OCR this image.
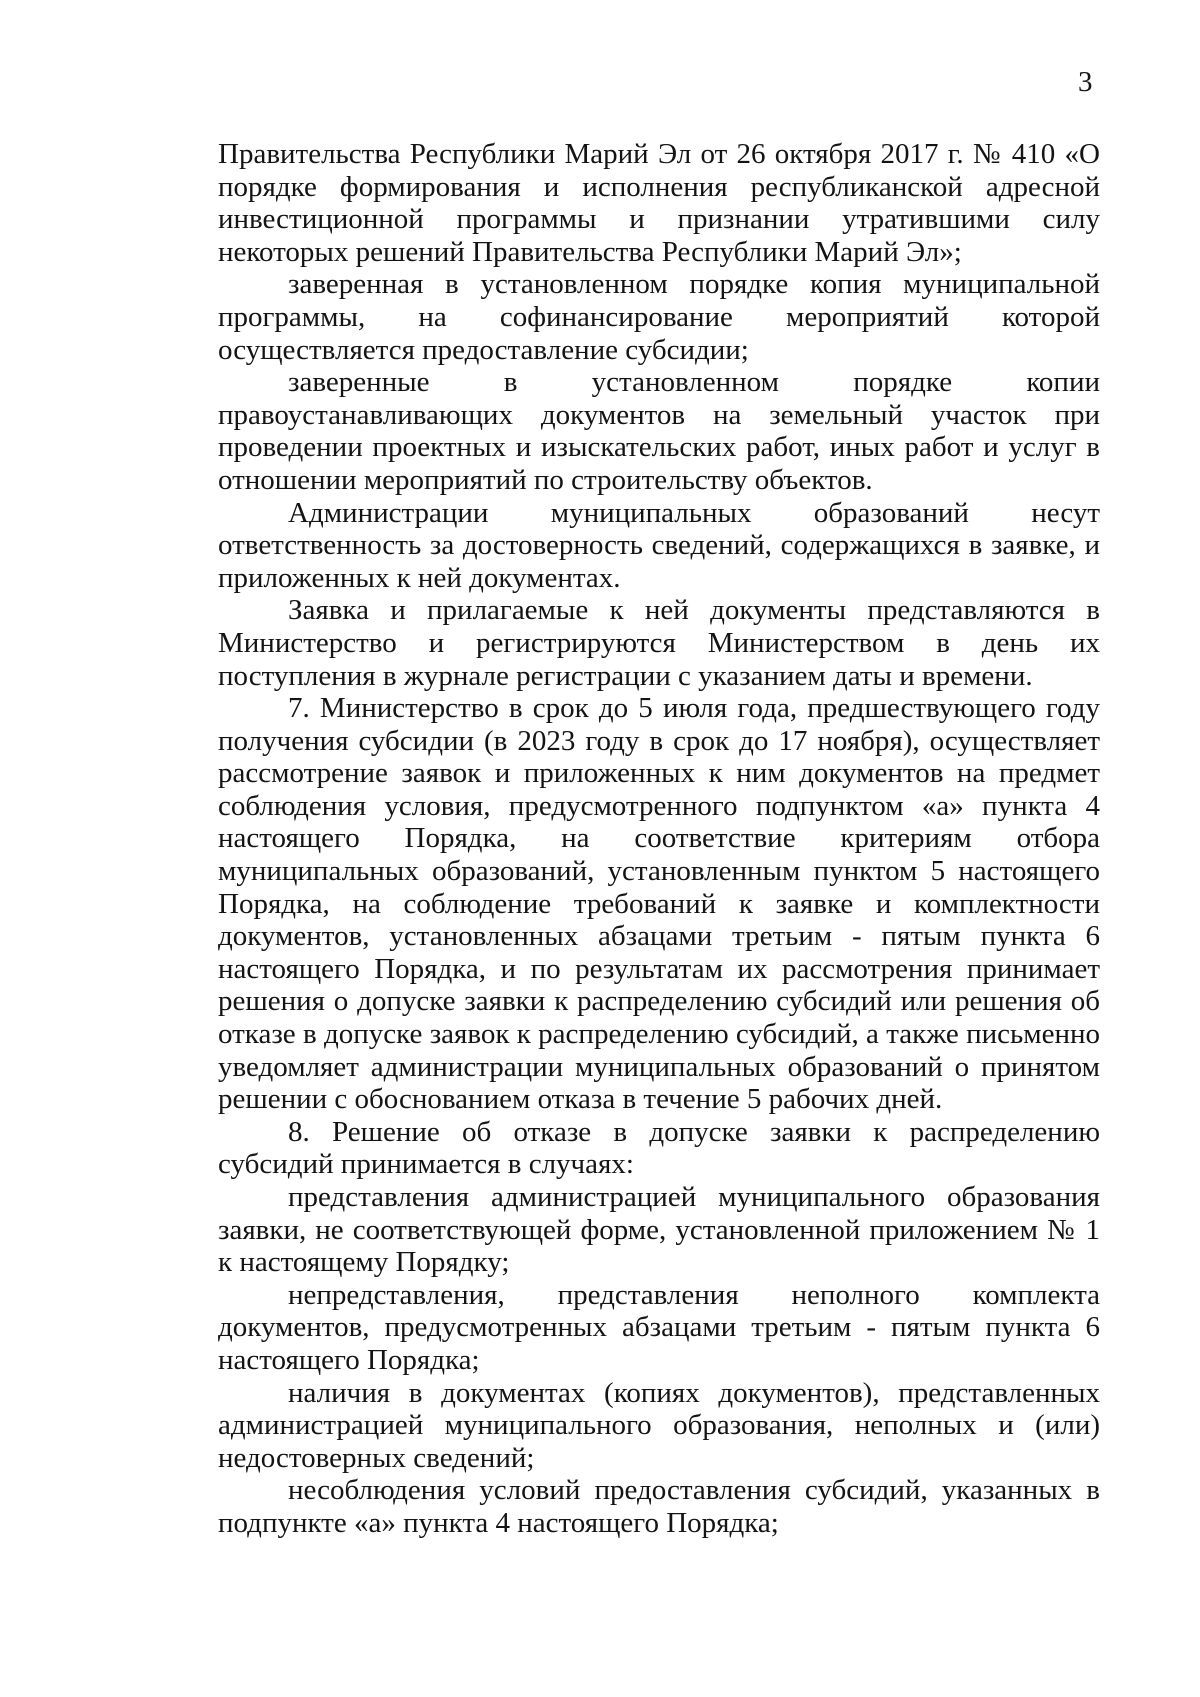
3

Правительства Республики Марий Эл от 26 октября 2017 г. № 410 «О порядке формирования и исполнения республиканской адресной инвестиционной программы и признании утратившими силу некоторых решений Правительства Республики Марий Эл»;

заверенная в установленном порядке копия муниципальной программы, на софинансирование мероприятий которой осуществляется предоставление субсидии;

заверенные в установленном порядке копии правоустанавливающих документов на земельный участок при проведении проектных и изыскательских работ, иных работ и услуг в отношении мероприятий по строительству объектов.

Администрации муниципальных образований несут ответственность за достоверность сведений, содержащихся в заявке, и приложенных к ней документах.

Заявка и прилагаемые к ней документы представляются в Министерство и регистрируются Министерством в день их поступления в журнале регистрации с указанием даты и времени.

7. Министерство в срок до 5 июля года, предшествующего году получения субсидии (в 2023 году в срок до 17 ноября), осуществляет рассмотрение заявок и приложенных к ним документов на предмет соблюдения условия, предусмотренного подпунктом «а» пункта 4 настоящего Порядка, на соответствие критериям отбора муниципальных образований, установленным пунктом 5 настоящего Порядка, на соблюдение требований к заявке и комплектности документов, установленных абзацами третьим - пятым пункта 6 настоящего Порядка, и по результатам их рассмотрения принимает решения о допуске заявки к распределению субсидий или решения об отказе в допуске заявок к распределению субсидий, а также письменно уведомляет администрации муниципальных образований о принятом решении с обоснованием отказа в течение 5 рабочих дней.

8. Решение об отказе в допуске заявки к распределению субсидий принимается в случаях:

представления администрацией муниципального образования заявки, не соответствующей форме, установленной приложением № 1 к настоящему Порядку;

непредставления, представления неполного комплекта документов, предусмотренных абзацами третьим - пятым пункта 6 настоящего Порядка;

наличия в документах (копиях документов), представленных администрацией муниципального образования, неполных и (или) недостоверных сведений;

несоблюдения условий предоставления субсидий, указанных в подпункте «а» пункта 4 настоящего Порядка;
